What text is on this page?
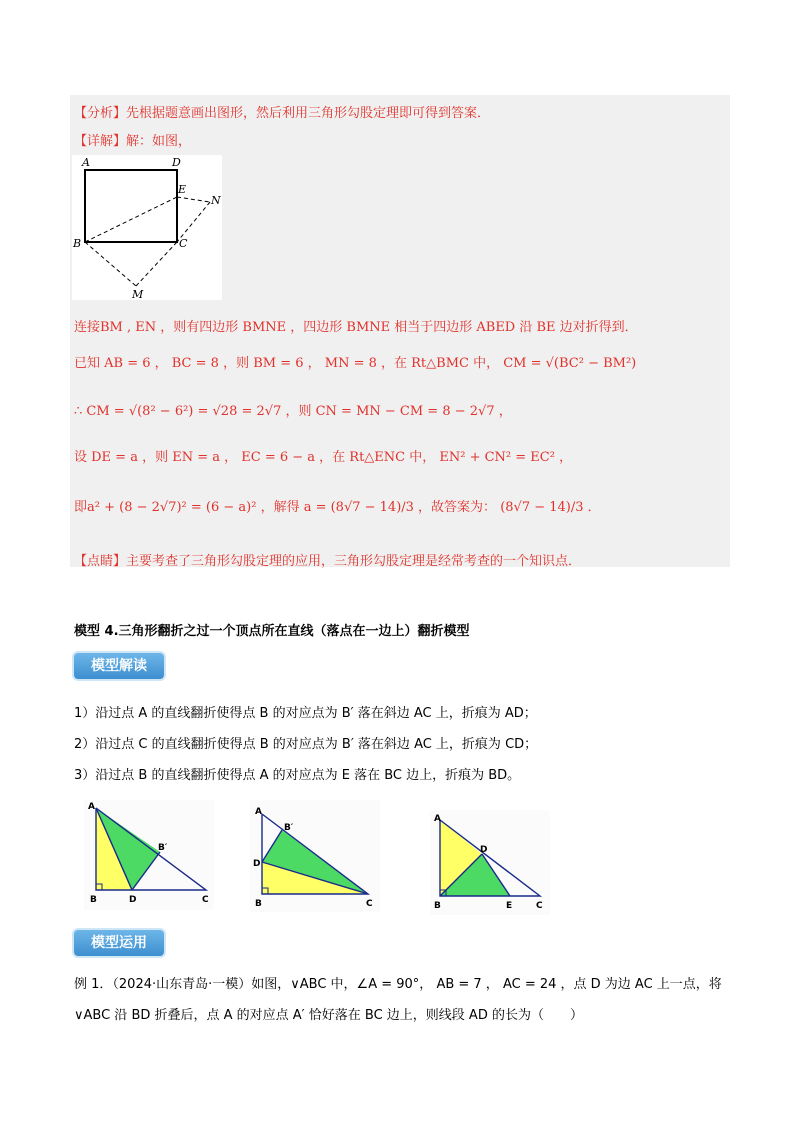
【分析】先根据题意画出图形，然后利用三角形勾股定理即可得到答案．
【详解】解：如图，
A	D
E
N
B	C
M
连接BM , EN ，则有四边形 BMNE ，四边形 BMNE 相当于四边形 ABED 沿 BE 边对折得到．
已知 AB = 6 ， BC = 8 ，则 BM = 6 ， MN = 8 ，在 Rt△BMC 中， CM = √(BC² − BM²)
∴ CM = √(8² − 6²) = √28 = 2√7 ，则 CN = MN − CM = 8 − 2√7 ，
设 DE = a ，则 EN = a ， EC = 6 − a ，在 Rt△ENC 中， EN² + CN² = EC² ，
即a² + (8 − 2√7)² = (6 − a)² ，解得 a = (8√7 − 14)/3 ，故答案为： (8√7 − 14)/3 ．
【点睛】主要考查了三角形勾股定理的应用，三角形勾股定理是经常考查的一个知识点．
模型 4.三角形翻折之过一个顶点所在直线（落点在一边上）翻折模型
模型解读
1）沿过点 A 的直线翻折使得点 B 的对应点为 B′ 落在斜边 AC 上，折痕为 AD；
2）沿过点 C 的直线翻折使得点 B 的对应点为 B′ 落在斜边 AC 上，折痕为 CD；
3）沿过点 B 的直线翻折使得点 A 的对应点为 E 落在 BC 边上，折痕为 BD。
A
B′
B	D	C
A
B′
D
B	C
A
D
B	E	C
模型运用
例 1．（2024·山东青岛·一模）如图，∨ABC 中，∠A = 90°， AB = 7 ， AC = 24 ，点 D 为边 AC 上一点，将
∨ABC 沿 BD 折叠后，点 A 的对应点 A′ 恰好落在 BC 边上，则线段 AD 的长为（　　）
